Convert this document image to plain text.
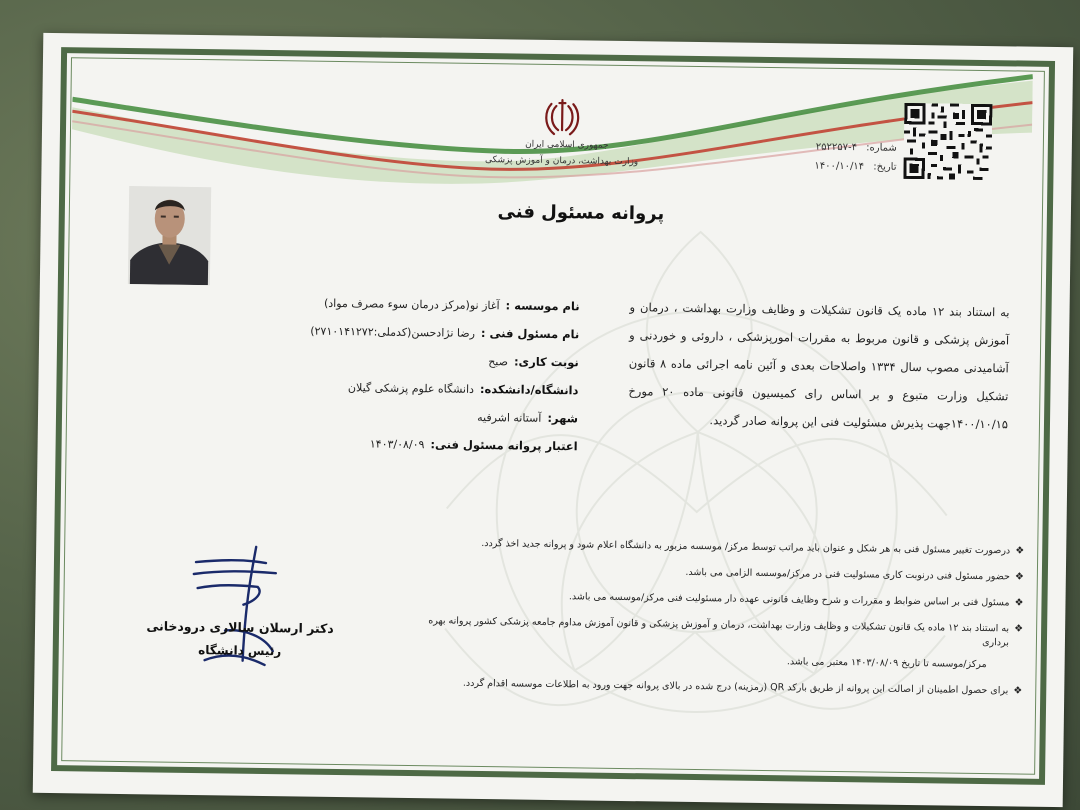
جمهوری اسلامی ایران
وزارت بهداشت، درمان و آموزش پزشکی
شماره: ۴-۲۵۲۲۵۷
تاریخ: ۱۴۰۰/۱۰/۱۴
پروانه مسئول فنی
به استناد بند ۱۲ ماده یک قانون تشکیلات و وظایف وزارت بهداشت ، درمان و آموزش پزشکی و قانون مربوط به مقررات امورپزشکی ، داروئی و خوردنی و آشامیدنی مصوب سال ۱۳۳۴ واصلاحات بعدی و آئین نامه اجرائی ماده ۸ قانون تشکیل وزارت متبوع و بر اساس رای کمیسیون قانونی ماده ۲۰ مورخ ۱۴۰۰/۱۰/۱۵جهت پذیرش مسئولیت فنی این پروانه صادر گردید.
نام موسسه :آغاز نو(مرکز درمان سوء مصرف مواد)
نام مسئول فنی :رضا نژادحسن(کدملی:۲۷۱۰۱۴۱۲۷۲)
نوبت کاری:صبح
دانشگاه/دانشکده:دانشگاه علوم پزشکی گیلان
شهر:آستانه اشرفیه
اعتبار پروانه مسئول فنی:۱۴۰۳/۰۸/۰۹
❖
درصورت تغییر مسئول فنی به هر شکل و عنوان باید مراتب توسط مرکز/ موسسه مزبور به دانشگاه اعلام شود و پروانه جدید اخذ گردد.
❖
حضور مسئول فنی درنوبت کاری مسئولیت فنی در مرکز/موسسه الزامی می باشد.
❖
مسئول فنی بر اساس ضوابط و مقررات و شرح وظایف قانونی عهده دار مسئولیت فنی مرکز/موسسه می باشد.
❖
به استناد بند ۱۲ ماده یک قانون تشکیلات و وظایف وزارت بهداشت، درمان و آموزش پزشکی و قانون آموزش مداوم جامعه پزشکی کشور پروانه بهره برداری
مرکز/موسسه تا تاریخ ۱۴۰۳/۰۸/۰۹ معتبر می باشد.
❖
برای حصول اطمینان از اصالت این پروانه از طریق بارکد QR (رمزینه) درج شده در بالای پروانه جهت ورود به اطلاعات موسسه اقدام گردد.
دکتر ارسلان سالاری درودخانی
رئیس دانشگاه
